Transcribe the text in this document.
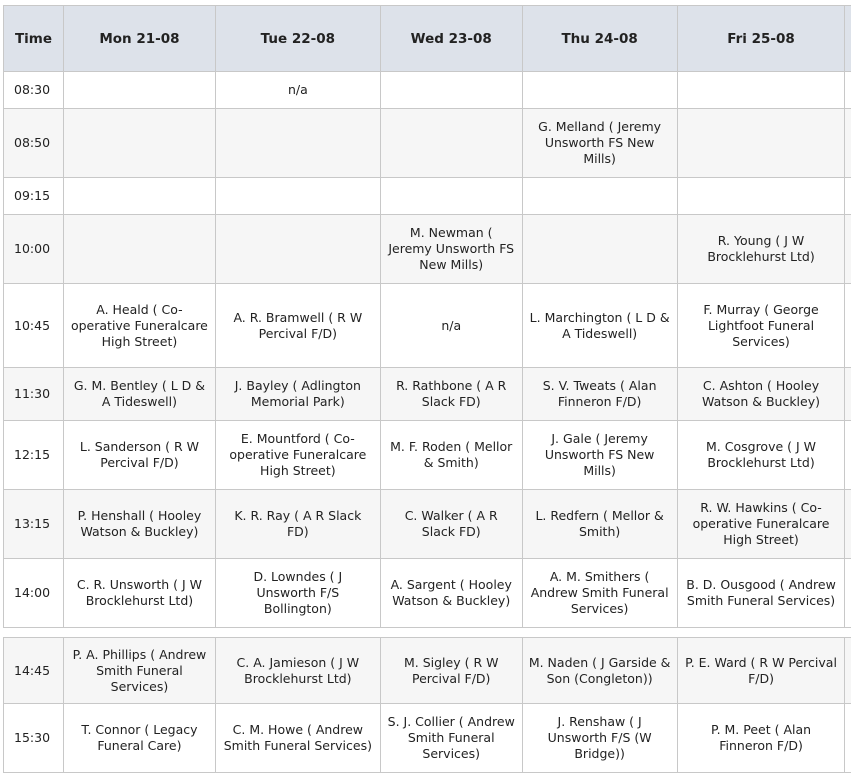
Time	Mon 21-08	Tue 22-08	Wed 23-08	Thu 24-08	Fri 25-08	
08:30		n/a				
08:50				G. Melland ( Jeremy Unsworth FS New Mills)		
09:15						
10:00			M. Newman ( Jeremy Unsworth FS New Mills)		R. Young ( J W Brocklehurst Ltd)	
10:45	A. Heald ( Co-operative Funeralcare High Street)	A. R. Bramwell ( R W Percival F/D)	n/a	L. Marchington ( L D & A Tideswell)	F. Murray ( George Lightfoot Funeral Services)	
11:30	G. M. Bentley ( L D & A Tideswell)	J. Bayley ( Adlington Memorial Park)	R. Rathbone ( A R Slack FD)	S. V. Tweats ( Alan Finneron F/D)	C. Ashton ( Hooley Watson & Buckley)	
12:15	L. Sanderson ( R W Percival F/D)	E. Mountford ( Co-operative Funeralcare High Street)	M. F. Roden ( Mellor & Smith)	J. Gale ( Jeremy Unsworth FS New Mills)	M. Cosgrove ( J W Brocklehurst Ltd)	
13:15	P. Henshall ( Hooley Watson & Buckley)	K. R. Ray ( A R Slack FD)	C. Walker ( A R Slack FD)	L. Redfern ( Mellor & Smith)	R. W. Hawkins ( Co-operative Funeralcare High Street)	
14:00	C. R. Unsworth ( J W Brocklehurst Ltd)	D. Lowndes ( J Unsworth F/S Bollington)	A. Sargent ( Hooley Watson & Buckley)	A. M. Smithers ( Andrew Smith Funeral Services)	B. D. Ousgood ( Andrew Smith Funeral Services)	

14:45	P. A. Phillips ( Andrew Smith Funeral Services)	C. A. Jamieson ( J W Brocklehurst Ltd)	M. Sigley ( R W Percival F/D)	M. Naden ( J Garside & Son (Congleton))	P. E. Ward ( R W Percival F/D)	
15:30	T. Connor ( Legacy Funeral Care)	C. M. Howe ( Andrew Smith Funeral Services)	S. J. Collier ( Andrew Smith Funeral Services)	J. Renshaw ( J Unsworth F/S (W Bridge))	P. M. Peet ( Alan Finneron F/D)	
